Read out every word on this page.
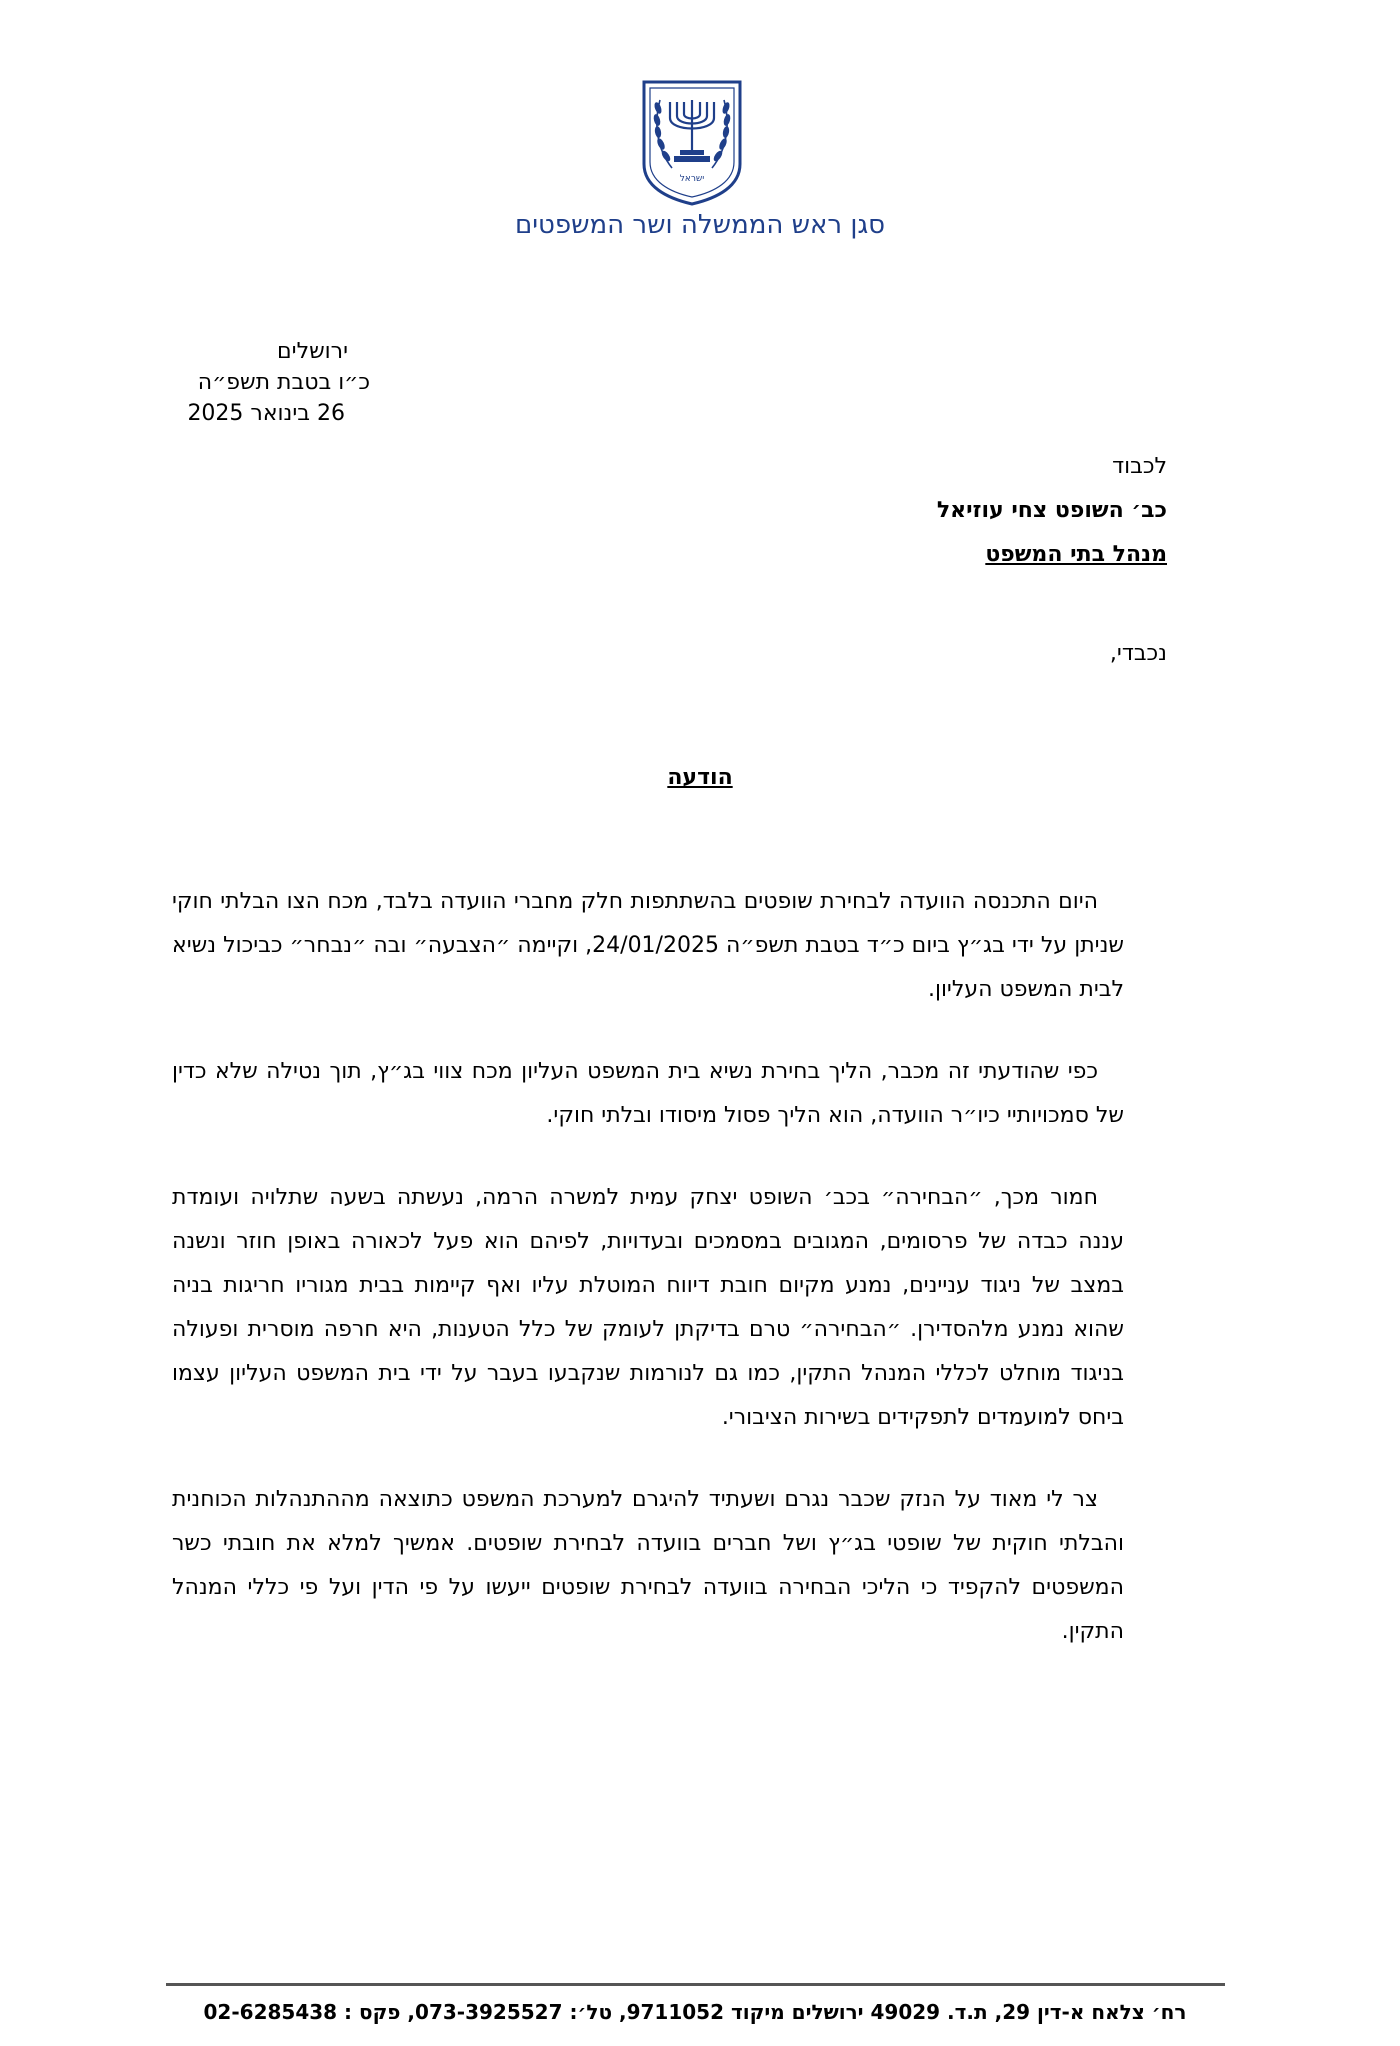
ישראל
סגן ראש הממשלה ושר המשפטים
ירושלים
כ״ו בטבת תשפ״ה
26 בינואר 2025
לכבוד
כב׳ השופט צחי עוזיאל
מנהל בתי המשפט
נכבדי,
הודעה

היום התכנסה הוועדה לבחירת שופטים בהשתתפות חלק מחברי הוועדה בלבד, מכח הצו הבלתי חוקי שניתן על ידי בג״ץ ביום כ״ד בטבת תשפ״ה 24/01/2025, וקיימה ״הצבעה״ ובה ״נבחר״ כביכול נשיא לבית המשפט העליון.

כפי שהודעתי זה מכבר, הליך בחירת נשיא בית המשפט העליון מכח צווי בג״ץ, תוך נטילה שלא כדין של סמכויותיי כיו״ר הוועדה, הוא הליך פסול מיסודו ובלתי חוקי.

חמור מכך, ״הבחירה״ בכב׳ השופט יצחק עמית למשרה הרמה, נעשתה בשעה שתלויה ועומדת עננה כבדה של פרסומים, המגובים במסמכים ובעדויות, לפיהם הוא פעל לכאורה באופן חוזר ונשנה במצב של ניגוד עניינים, נמנע מקיום חובת דיווח המוטלת עליו ואף קיימות בבית מגוריו חריגות בניה שהוא נמנע מלהסדירן. ״הבחירה״ טרם בדיקתן לעומק של כלל הטענות, היא חרפה מוסרית ופעולה בניגוד מוחלט לכללי המנהל התקין, כמו גם לנורמות שנקבעו בעבר על ידי בית המשפט העליון עצמו ביחס למועמדים לתפקידים בשירות הציבורי.

צר לי מאוד על הנזק שכבר נגרם ושעתיד להיגרם למערכת המשפט כתוצאה מההתנהלות הכוחנית והבלתי חוקית של שופטי בג״ץ ושל חברים בוועדה לבחירת שופטים. אמשיך למלא את חובתי כשר המשפטים להקפיד כי הליכי הבחירה בוועדה לבחירת שופטים ייעשו על פי הדין ועל פי כללי המנהל התקין.

רח׳ צלאח א-דין 29, ת.ד. 49029 ירושלים מיקוד 9711052, טל׳: 073-3925527, פקס : 02-6285438
